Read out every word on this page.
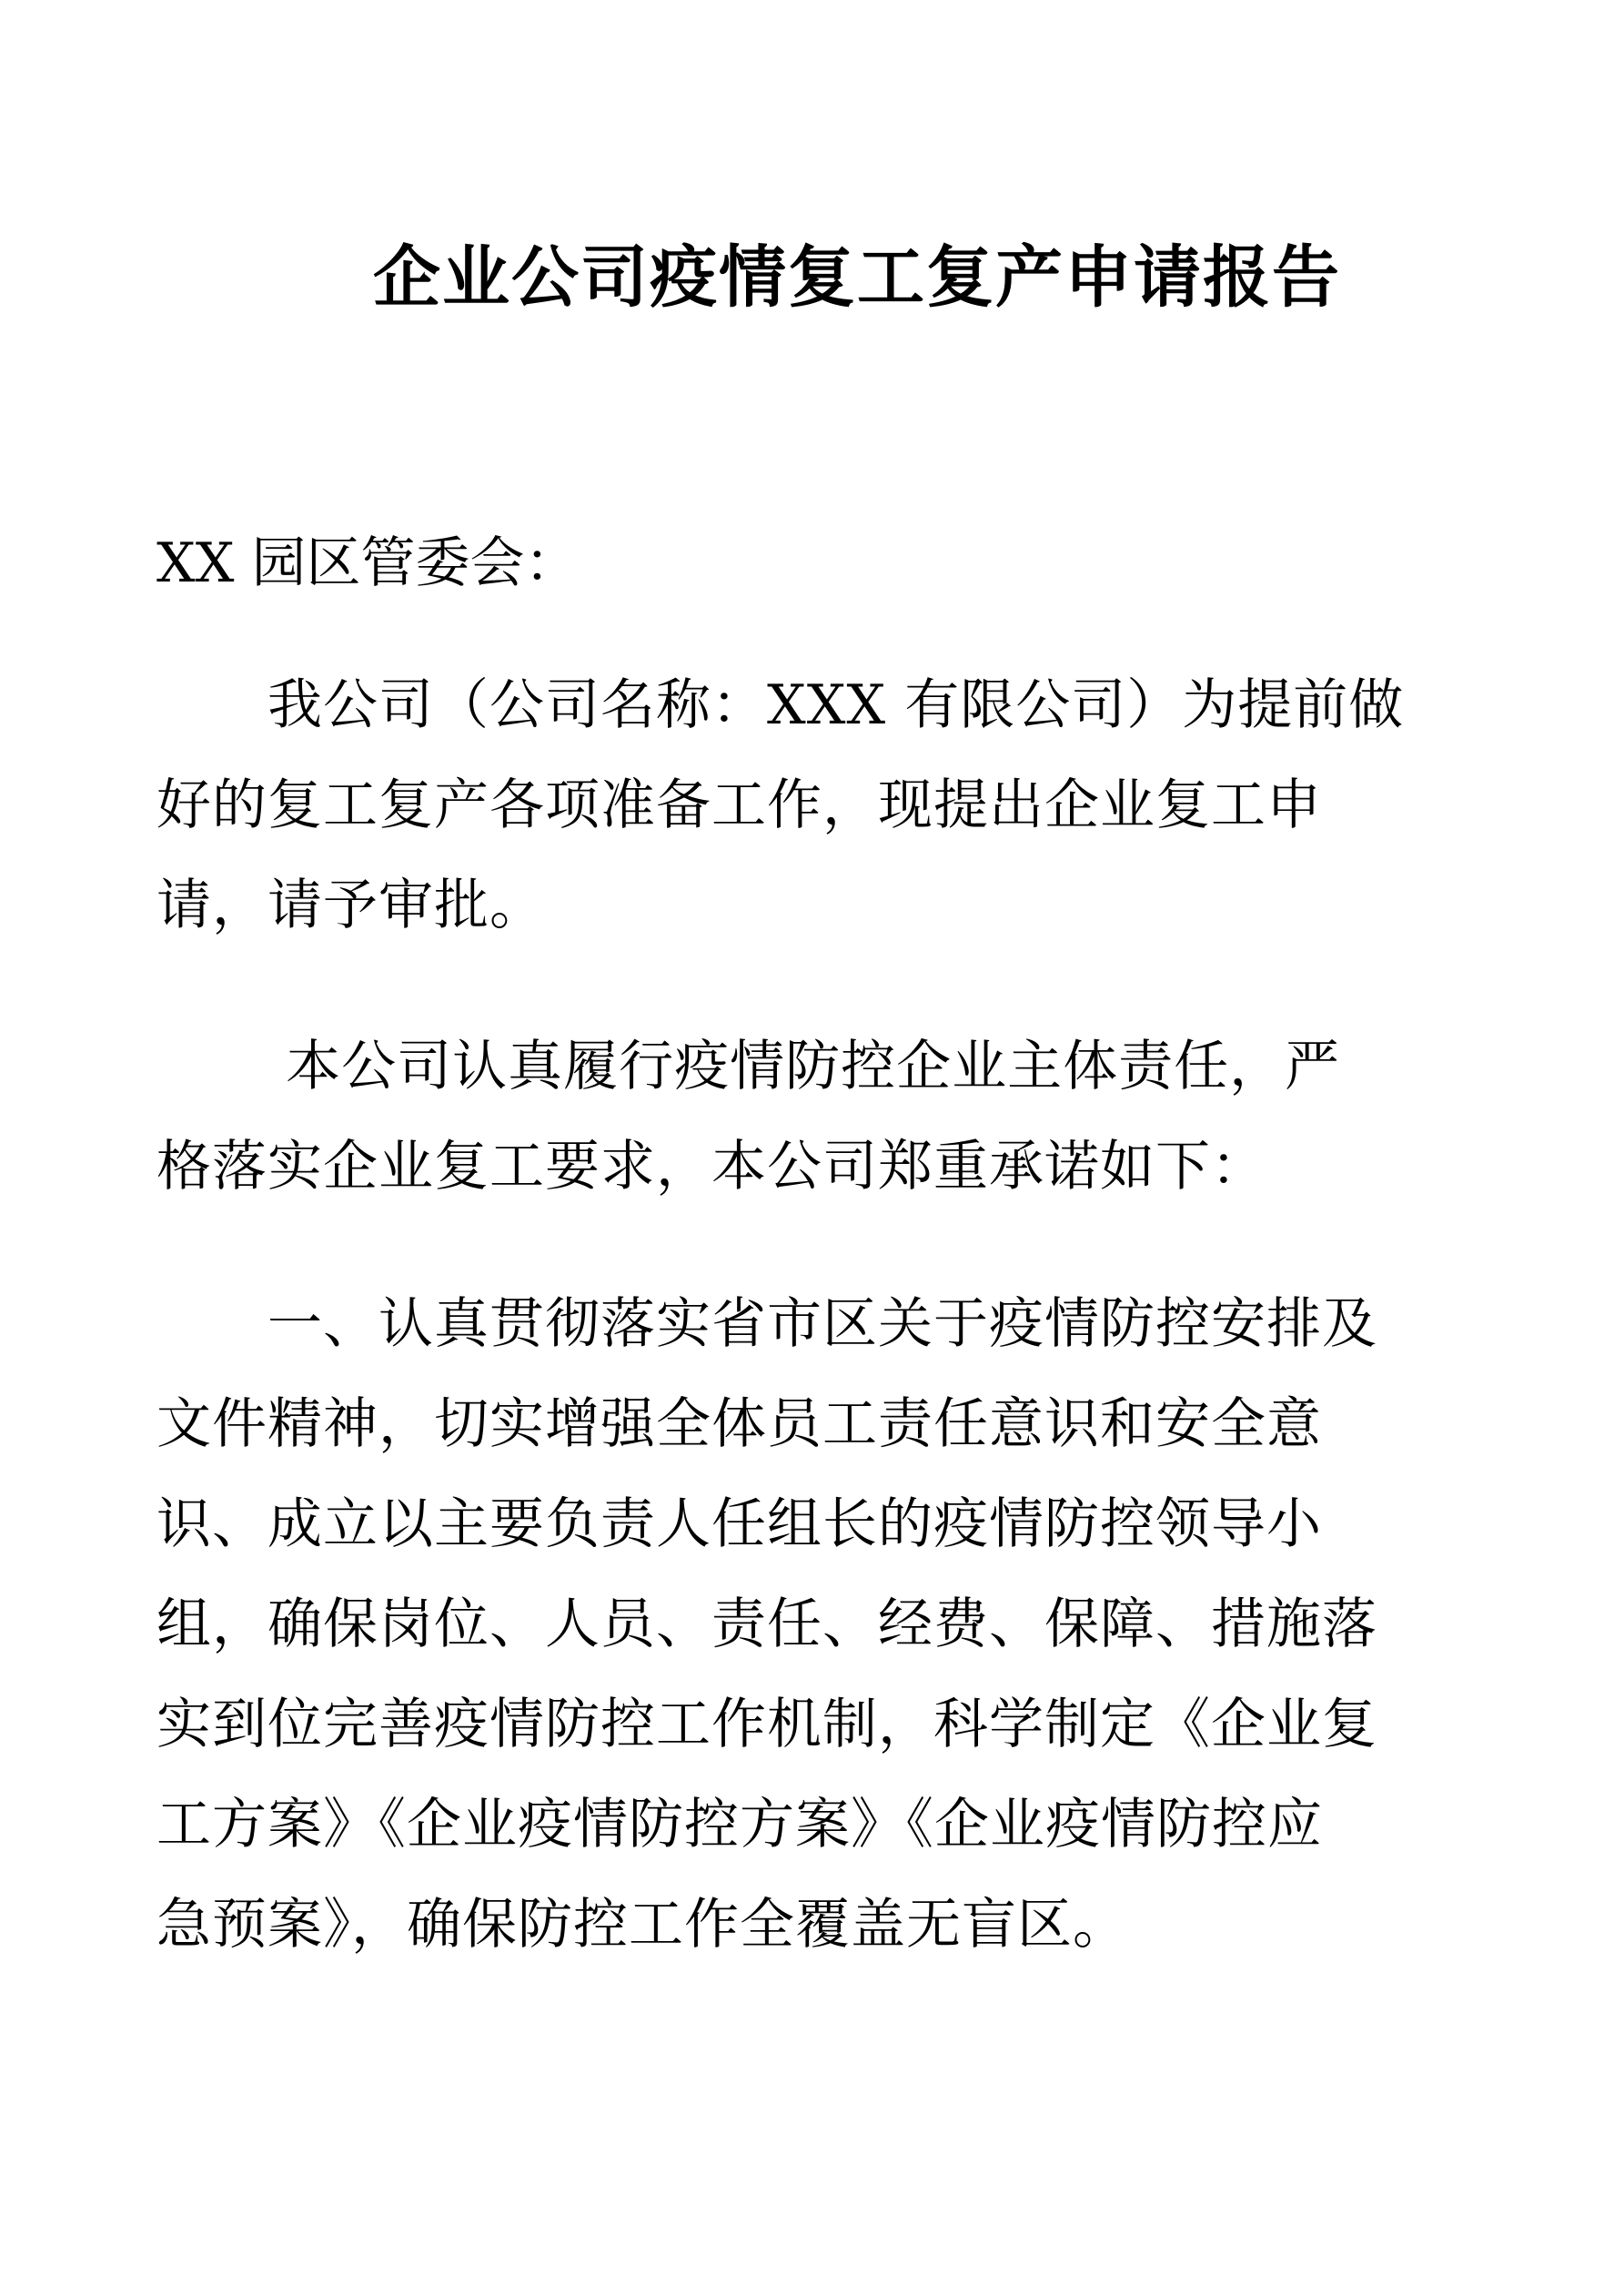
企业公司疫情复工复产申请报告
XX 园区管委会：
　　我公司（公司名称：XXX 有限公司）为提前做
好的复工复产各项准备工作，现提出企业复工申
请，请予审批。
　　 本公司认真履行疫情防控企业主体责任，严
格落实企业复工要求，本公司郑重承诺如下：
　　一、认真贯彻落实省市区关于疫情防控安排及
文件精神，切实增强全体员工责任意识和安全意
识、成立以主要负责人任组长的疫情防控领导小
组，确保岗位、人员、责任、经费、保障、措施落
实到位完善疫情防控工作机制，科学制定《企业复
工方案》《企业疫情防控方案》《企业疫情防控应
急预案》，确保防控工作全覆盖无盲区。
